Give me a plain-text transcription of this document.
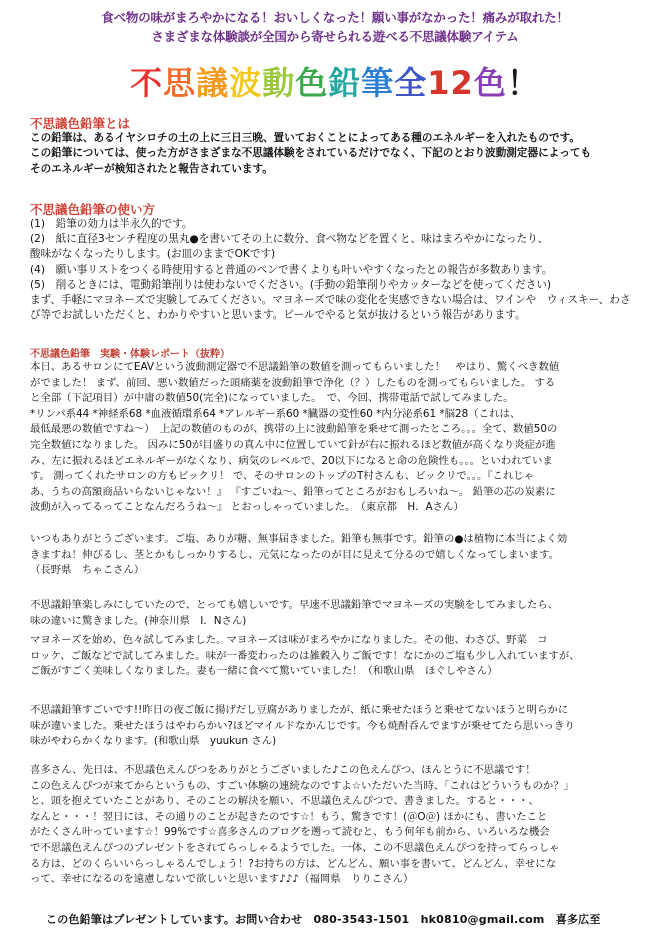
食べ物の味がまろやかになる！おいしくなった！願い事がなかった！痛みが取れた！
さまざまな体験談が全国から寄せられる遊べる不思議体験アイテム
不思議波動色鉛筆全12色！
不思議色鉛筆とは
この鉛筆は、あるイヤシロチの土の上に三日三晩、置いておくことによってある種のエネルギーを入れたものです。
この鉛筆については、使った方がさまざまな不思議体験をされているだけでなく、下記のとおり波動測定器によっても
そのエネルギーが検知されたと報告されています。
不思議色鉛筆の使い方
(1)　鉛筆の効力は半永久的です。
(2)　紙に直径3センチ程度の黒丸●を書いてその上に数分、食べ物などを置くと、味はまろやかになったり、
酸味がなくなったりします。(お皿のままでOKです)
(4)　願い事リストをつくる時使用すると普通のペンで書くよりも叶いやすくなったとの報告が多数あります。
(5)　削るときには、電動鉛筆削りは使わないでください。(手動の鉛筆削りやカッターなどを使ってください)
まず、手軽にマヨネーズで実験してみてください。マヨネーズで味の変化を実感できない場合は、ワインや　ウィスキー、わさ
び等でお試しいただくと、わかりやすいと思います。ビールでやると気が抜けるという報告があります。
不思議色鉛筆　実験・体験レポート（抜粋）
本日、あるサロンにてEAVという波動測定器で不思議鉛筆の数値を測ってもらいました！　やはり、驚くべき数値
がでました！ まず、前回、悪い数値だった頭痛薬を波動鉛筆で浄化（？）したものを測ってもらいました。 する
と全部（下記項目）が中庸の数値50(完全)になっていました。　で、今回、携帯電話で試してみました。
*リンパ系44 *神経系68 *血液循環系64 *アレルギー系60 *臓器の変性60 *内分泌系61 *脳28（これは、
最低最悪の数値ですね～）　上記の数値のものが、携帯の上に波動鉛筆を乗せて測ったところ。。。全て、数値50の
完全数値になりました。 因みに50が目盛りの真ん中に位置していて針が右に振れるほど数値が高くなり炎症が進
み、左に振れるほどエネルギーがなくなり、病気のレベルで、20以下になると命の危険性も。。。といわれていま
す。 測ってくれたサロンの方もビックリ！ で、そのサロンのトップのT村さんも、ビックリで。。。『これじゃ
あ、うちの高額商品いらないじゃない！』 『すごいね～、鉛筆ってところがおもしろいね～。 鉛筆の芯の炭素に
波動が入ってるってことなんだろうね～』 とおっしゃっていました。　（東京都　H．Aさん）
いつもありがとうございます。ご塩、ありが糖、無事届きました。鉛筆も無事です。鉛筆の●は植物に本当によく効
きますね！伸びるし、茎とかもしっかりするし、元気になったのが目に見えて分るので嬉しくなってしまいます。
（長野県　ちゃこさん）
不思議鉛筆楽しみにしていたので、とっても嬉しいです。早速不思議鉛筆でマヨネーズの実験をしてみましたら、
味の違いに驚きました。(神奈川県　I．Nさん)
マヨネーズを始め、色々試してみました。マヨネーズは味がまろやかになりました。その他、わさび、野菜　コ
ロッケ、ご飯などで試してみました。味が一番変わったのは雑穀入りご飯です！なにかのご塩も少し入れていますが、
ご飯がすごく美味しくなりました。妻も一緒に食べて驚いていました！（和歌山県　ほぐしやさん）
不思議鉛筆すごいです!!昨日の夜ご飯に揚げだし豆腐がありましたが、紙に乗せたほうと乗せてないほうと明らかに
味が違いました。乗せたほうはやわらかい?ほどマイルドなかんじです。今も焼酎呑んでますが乗せてたら思いっきり
味がやわらかくなります。(和歌山県　yuukun さん)
喜多さん、先日は、不思議色えんぴつをありがとうございました♪この色えんぴつ、ほんとうに不思議です！
この色えんぴつが来てからというもの、すごい体験の連続なのですよ☆いただいた当時、「これはどういうものか？」
と、頭を抱えていたことがあり、そのことの解決を願い、不思議色えんぴつで、書きました。すると・・・、
なんと・・・！翌日には、その通りのことが起きたのです☆！もう、驚きです！(＠O＠) ほかにも、書いたこと
がたくさん叶っています☆！99%です☆喜多さんのブログを遡って読むと、もう何年も前から、いろいろな機会
で不思議色えんぴつのプレゼントをされてらっしゃるようでした。一体、この不思議色えんぴつを持ってらっしゃ
る方は、どのくらいいらっしゃるんでしょう！?お持ちの方は、どんどん、願い事を書いて、どんどん、幸せにな
って、幸せになるのを遠慮しないで欲しいと思います♪♪♪（福岡県　りりこさん）
この色鉛筆はプレゼントしています。お問い合わせ　080-3543-1501　hk0810@gmail.com　喜多広至
